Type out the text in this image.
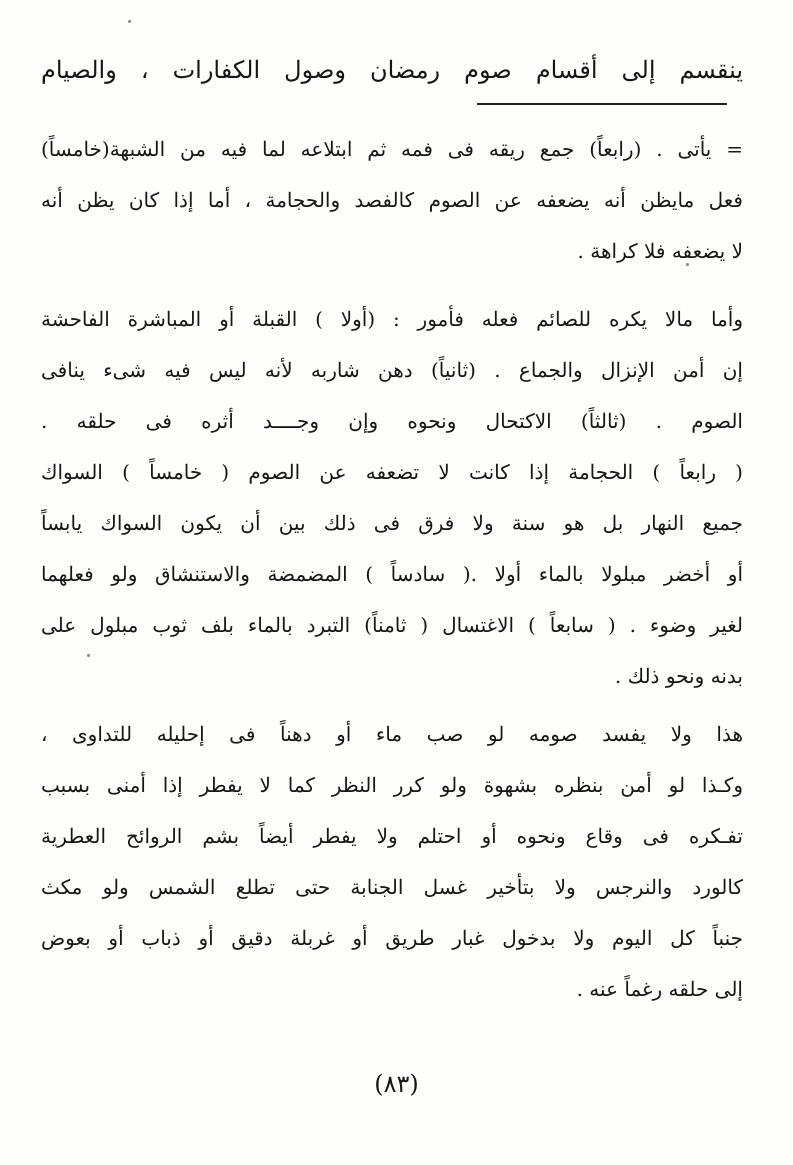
ينقسم إلى أقسام صوم رمضان وصول الكفارات ، والصيام
= يأتى . (رابعاً) جمع ريقه فى فمه ثم ابتلاعه لما فيه من الشبهة(خامساً)
فعل مايظن أنه يضعفه عن الصوم كالفصد والحجامة ، أما إذا كان يظن أنه
لا يضعفه فلا كراهة .
وأما مالا يكره للصائم فعله فأمور : (أولا ) القبلة أو المباشرة الفاحشة
إن أمن الإنزال والجماع . (ثانياً) دهن شاربه لأنه ليس فيه شىء ينافى
الصوم . (ثالثاً) الاكتحال ونحوه وإن وجــــد أثره فى حلقه .
( رابعاً ) الحجامة إذا كانت لا تضعفه عن الصوم ( خامساً ) السواك
جميع النهار بل هو سنة ولا فرق فى ذلك بين أن يكون السواك يابساً
أو أخضر مبلولا بالماء أولا .( سادساً ) المضمضة والاستنشاق ولو فعلهما
لغير وضوء . ( سابعاً ) الاغتسال ( ثامناً) التبرد بالماء بلف ثوب مبلول على
بدنه ونحو ذلك .
هذا ولا يفسد صومه لو صب ماء أو دهناً فى إحليله للتداوى ،
وكـذا لو أمن بنظره بشهوة ولو كرر النظر كما لا يفطر إذا أمنى بسبب
تفـكره فى وقاع ونحوه أو احتلم ولا يفطر أيضاً بشم الروائح العطرية
كالورد والنرجس ولا بتأخير غسل الجنابة حتى تطلع الشمس ولو مكث
جنباً كل اليوم ولا بدخول غبار طريق أو غربلة دقيق أو ذباب أو بعوض
إلى حلقه رغماً عنه .
(٨٣)
